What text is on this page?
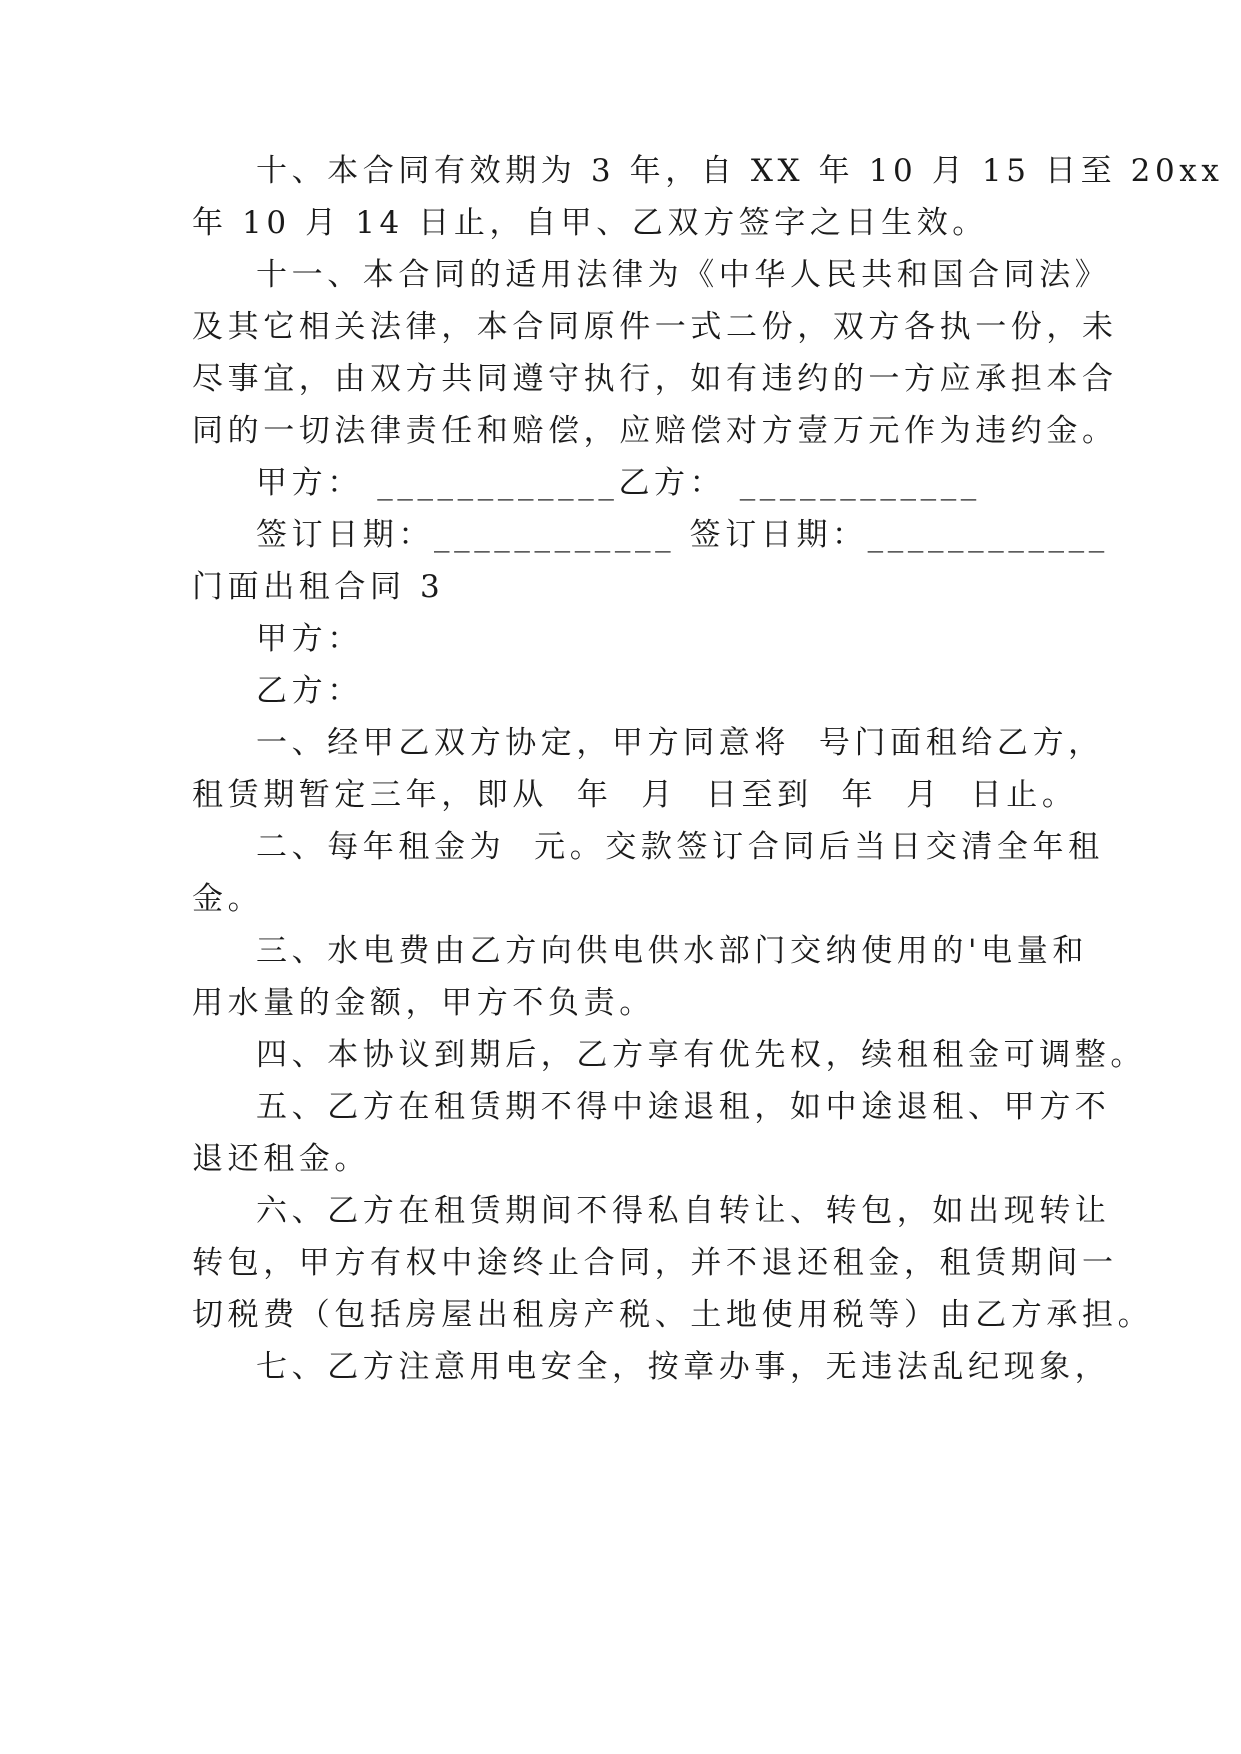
十、本合同有效期为 3 年，自 XX 年 10 月 15 日至 20xx
年 10 月 14 日止，自甲、乙双方签字之日生效。
十一、本合同的适用法律为《中华人民共和国合同法》
及其它相关法律，本合同原件一式二份，双方各执一份，未
尽事宜，由双方共同遵守执行，如有违约的一方应承担本合
同的一切法律责任和赔偿，应赔偿对方壹万元作为违约金。
甲方： ____________乙方： ____________
签订日期：____________ 签订日期：____________
门面出租合同 3
甲方：
乙方：
一、经甲乙双方协定，甲方同意将  号门面租给乙方，
租赁期暂定三年，即从  年  月  日至到  年  月  日止。
二、每年租金为  元。交款签订合同后当日交清全年租
金。
三、水电费由乙方向供电供水部门交纳使用的'电量和
用水量的金额，甲方不负责。
四、本协议到期后，乙方享有优先权，续租租金可调整。
五、乙方在租赁期不得中途退租，如中途退租、甲方不
退还租金。
六、乙方在租赁期间不得私自转让、转包，如出现转让
转包，甲方有权中途终止合同，并不退还租金，租赁期间一
切税费（包括房屋出租房产税、土地使用税等）由乙方承担。
七、乙方注意用电安全，按章办事，无违法乱纪现象，
